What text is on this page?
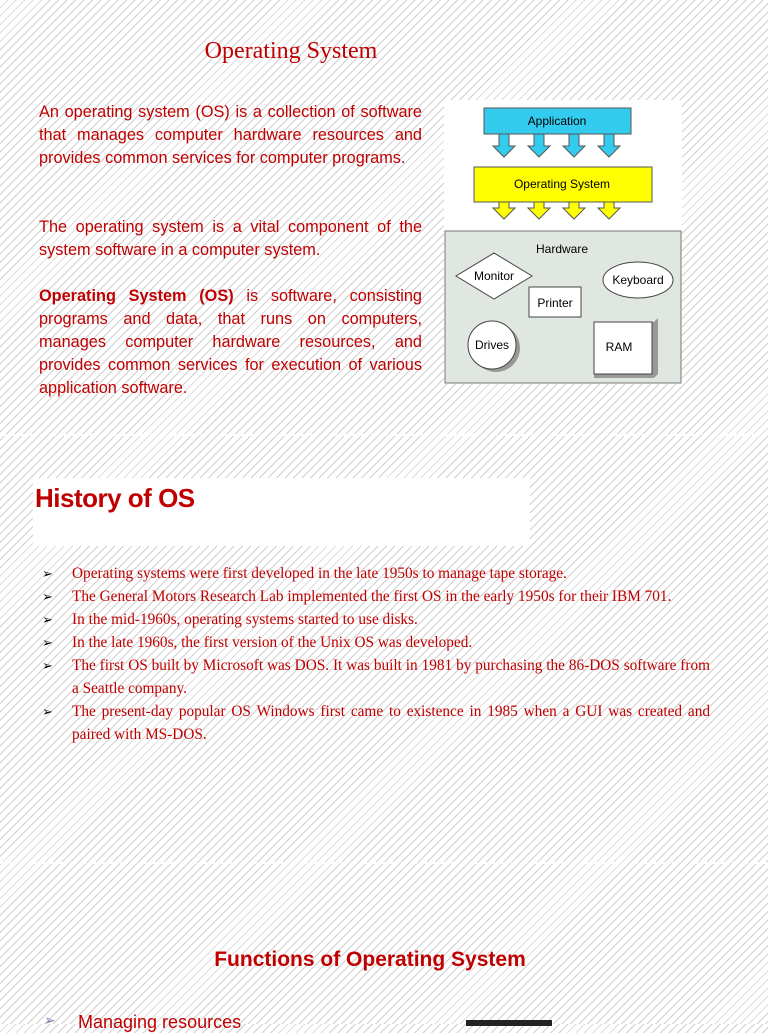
Operating System

An operating system (OS) is a collection of software that manages computer hardware resources and provides common services for computer programs.

The operating system is a vital component of the system software in a computer system.

Operating System (OS) is software, consisting programs and data, that runs on computers, manages computer hardware resources, and provides common services for execution of various application software.

Application
Operating System
Hardware
Monitor	Keyboard
Printer
Drives	RAM
History of OS
➢ Operating systems were first developed in the late 1950s to manage tape storage.
➢ The General Motors Research Lab implemented the first OS in the early 1950s for their IBM 701.
➢ In the mid-1960s, operating systems started to use disks.
➢ In the late 1960s, the first version of the Unix OS was developed.
➢ The first OS built by Microsoft was DOS. It was built in 1981 by purchasing the 86-DOS software from a Seattle company.
➢ The present-day popular OS Windows first came to existence in 1985 when a GUI was created and paired with MS-DOS.
Functions of Operating System
➢ Managing resources
